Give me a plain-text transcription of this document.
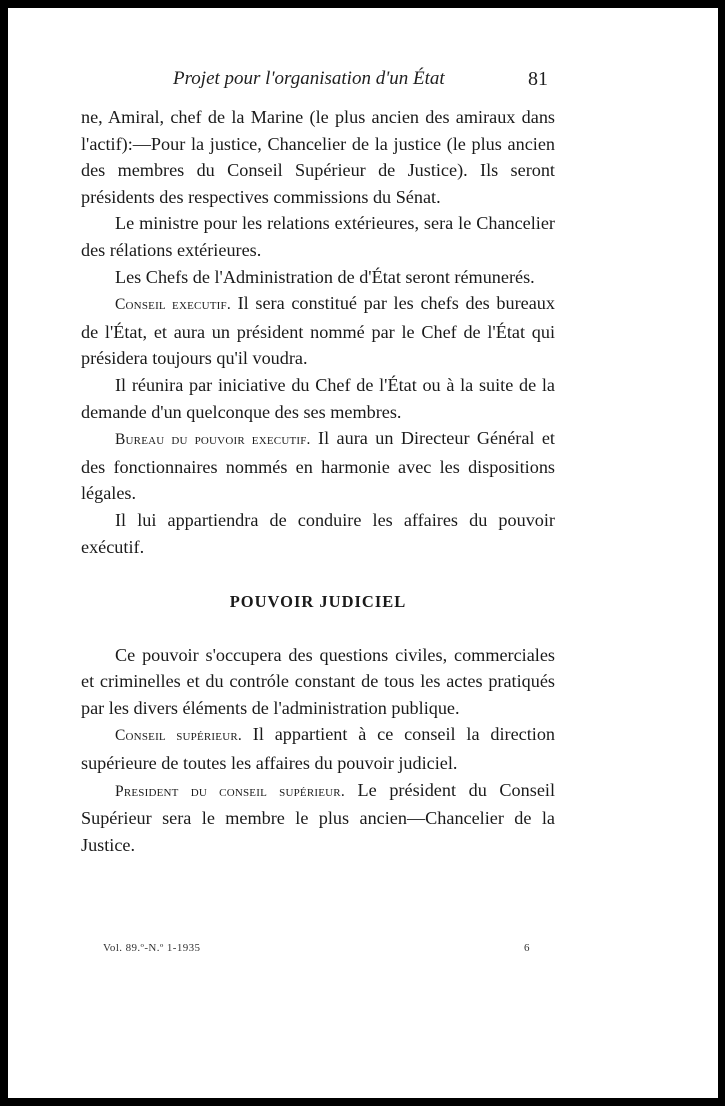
Projet pour l'organisation d'un État	81

ne, Amiral, chef de la Marine (le plus ancien des amiraux dans l'actif):—Pour la justice, Chancelier de la justice (le plus ancien des membres du Conseil Supérieur de Justice). Ils seront présidents des respectives commissions du Sénat.

Le ministre pour les relations extérieures, sera le Chancelier des rélations extérieures.

Les Chefs de l'Administration de d'État seront rémunerés.

Conseil executif. Il sera constitué par les chefs des bureaux de l'État, et aura un président nommé par le Chef de l'État qui présidera toujours qu'il voudra.

Il réunira par iniciative du Chef de l'État ou à la suite de la demande d'un quelconque des ses membres.

Bureau du pouvoir executif. Il aura un Directeur Général et des fonctionnaires nommés en harmonie avec les dispositions légales.

Il lui appartiendra de conduire les affaires du pouvoir exécutif.

POUVOIR JUDICIEL

Ce pouvoir s'occupera des questions civiles, commerciales et criminelles et du contróle constant de tous les actes pratiqués par les divers éléments de l'administration publique.

Conseil supérieur. Il appartient à ce conseil la direction supérieure de toutes les affaires du pouvoir judiciel.

President du conseil supérieur. Le président du Conseil Supérieur sera le membre le plus ancien—Chancelier de la Justice.

Vol. 89.º-N.º 1-1935	6
